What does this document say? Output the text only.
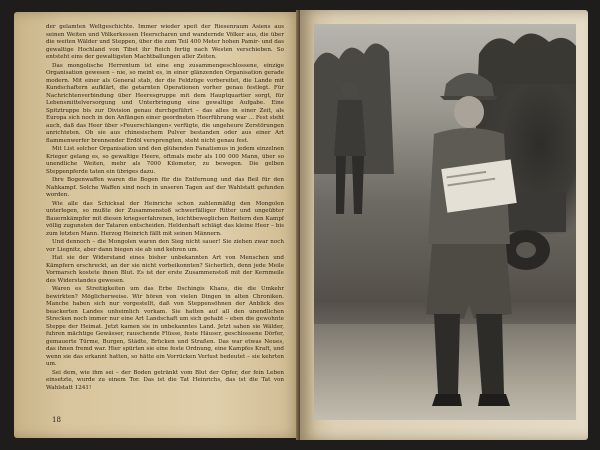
der gelamten Weltgeschichte. Immer wieder speit der Riesenraum Asiens aus seinen Weiten und Völkerkessen Heerscharen und wandernde Völker aus, die über die weiten Wälder und Steppen, über die zum Teil 400 Meter hohen Pamir- und das gewaltige Hochland von Tibet ihr Reich fertig nach Westen verschieben. So entsteht eins der gewaltigsten Machtballungen aller Zeiten.

Das mongolische Herrentum ist eine eng zusammengeschlossene, einzige Organisation gewesen – nie, so meint es, in einer glänzenden Organisation gerade modern. Mit einer als General stab, der die Feldzüge vorbereitet, die Lande mit Kundschaftern aufklärt, die getarnten Operationen vorher genau festlegt. Für Nachrichtenverbindung über Heeresgruppe mit dem Hauptquartier sorgt, für Lebensmittelversorgung und Unterbringung eine gewaltige Aufgabe. Eine Spitztruppe bis zur Division genau durchgeführt – das alles in einer Zeit, als Europa sich noch in den Anfängen einer geordneten Heerführung war … Fest steht auch, daß das Heer über »Feuerschlangen« verfügte, die ungeheure Zerstörungen anrichteten. Ob sie aus chinesischem Pulver bestanden oder aus einer Art flammenwerfer brennender Erdöl versprengten, steht nicht genau fest.

Mit List solcher Organisation und den glühenden Fanatismus in jedem einzelnen Krieger gelang es, so gewaltige Heere, oftmals mehr als 100 000 Mann, über so unendliche Weiten, mehr als 7000 Kilometer, zu bewegen. Die gelben Steppenpferde taten ein übriges dazu.

Ihre Bogenwaffen waren die Bogen für die Entfernung und das Beil für den Nahkampf. Solche Waffen sind noch in unseren Tagen auf der Wahlstatt gefunden worden.

Wie alle das Schicksal der Heinriche schon zahlenmäßig den Mongolen unterlegen, so mußte der Zusammenstoß schwerfälliger Ritter und ungeübter Bauernkämpfer mit diesen kriegserfahrenen, leichtbeweglichen Reitern den Kampf völlig zugunsten der Tataren entscheiden. Heldenhaft schlägt das kleine Heer – bis zum letzten Mann. Herzog Heinrich fällt mit seinen Männern.

Und dennoch – die Mongolen waren den Sieg nicht sauer! Sie ziehen zwar noch vor Liegnitz, aber dann biegen sie ab und kehren um.

Hat sie der Widerstand eines bisher unbekannten Art von Menschen und Kämpfern erschreckt, an der sie nicht vorbeikonnten? Sicherlich, denn jede Meile Vormarsch kostete ihnen Blut. Es ist der erste Zusammenstoß mit der Kernmeile des Widerstandes gewesen.

Waren es Streitigkeiten um das Erbe Dschingis Khans, die die Umkehr bewirkten? Möglicherweise. Wir hören von vielen Dingen in alten Chroniken. Manche haben sich nur vorgestellt, daß von Steppensöhnen der Anblick des beackerten Landes unheimlich vorkam. Sie hatten auf all den unendlichen Strecken noch immer nur eine Art Landschaft um sich gehabt – eben die gewohnte Steppe der Heimat. Jetzt kamen sie in unbekanntes Land. Jetzt sahen sie Wälder, fuhren mächtige Gewässer, rauschende Flüsse, feste Häuser, geschlossene Dörfer, gemauerte Türme, Burgen, Städte, Brücken und Straßen. Das war etwas Neues, das ihnen fremd war. Hier spürten sie eine feste Ordnung, eine Kampfes Kraft, und wenn sie das erkannt hatten, so hätte ein Vorrücken Verlust bedeutet – sie kehrten um.

Sei dem, wie ihm sei – der Boden getränkt vom Blut der Opfer, der fein Leben einsetzte, wurde zu einem Tor. Das ist die Tat Heinrichs, das ist die Tat von Wahlstatt 1241!

18
